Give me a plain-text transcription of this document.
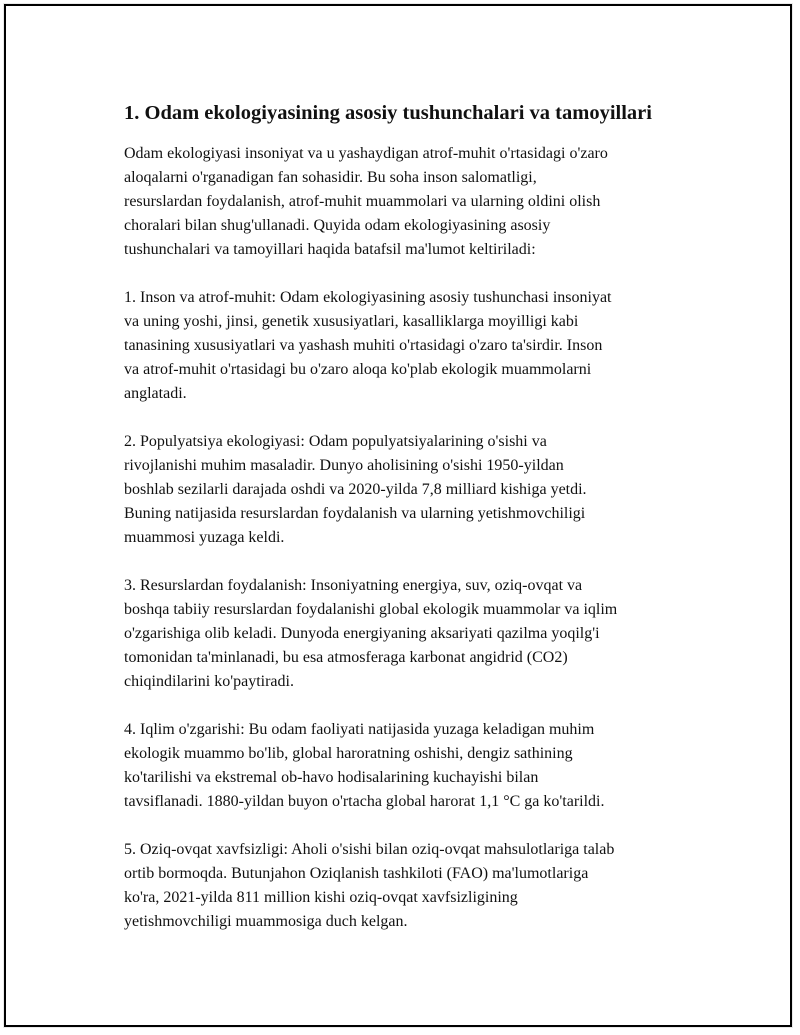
1. Odam ekologiyasining asosiy tushunchalari va tamoyillari

Odam ekologiyasi insoniyat va u yashaydigan atrof-muhit o'rtasidagi o'zaro
aloqalarni o'rganadigan fan sohasidir. Bu soha inson salomatligi,
resurslardan foydalanish, atrof-muhit muammolari va ularning oldini olish
choralari bilan shug'ullanadi. Quyida odam ekologiyasining asosiy
tushunchalari va tamoyillari haqida batafsil ma'lumot keltiriladi:

1. Inson va atrof-muhit: Odam ekologiyasining asosiy tushunchasi insoniyat
va uning yoshi, jinsi, genetik xususiyatlari, kasalliklarga moyilligi kabi
tanasining xususiyatlari va yashash muhiti o'rtasidagi o'zaro ta'sirdir. Inson
va atrof-muhit o'rtasidagi bu o'zaro aloqa ko'plab ekologik muammolarni
anglatadi.

2. Populyatsiya ekologiyasi: Odam populyatsiyalarining o'sishi va
rivojlanishi muhim masaladir. Dunyo aholisining o'sishi 1950-yildan
boshlab sezilarli darajada oshdi va 2020-yilda 7,8 milliard kishiga yetdi.
Buning natijasida resurslardan foydalanish va ularning yetishmovchiligi
muammosi yuzaga keldi.

3. Resurslardan foydalanish: Insoniyatning energiya, suv, oziq-ovqat va
boshqa tabiiy resurslardan foydalanishi global ekologik muammolar va iqlim
o'zgarishiga olib keladi. Dunyoda energiyaning aksariyati qazilma yoqilg'i
tomonidan ta'minlanadi, bu esa atmosferaga karbonat angidrid (CO2)
chiqindilarini ko'paytiradi.

4. Iqlim o'zgarishi: Bu odam faoliyati natijasida yuzaga keladigan muhim
ekologik muammo bo'lib, global haroratning oshishi, dengiz sathining
ko'tarilishi va ekstremal ob-havo hodisalarining kuchayishi bilan
tavsiflanadi. 1880-yildan buyon o'rtacha global harorat 1,1 °C ga ko'tarildi.

5. Oziq-ovqat xavfsizligi: Aholi o'sishi bilan oziq-ovqat mahsulotlariga talab
ortib bormoqda. Butunjahon Oziqlanish tashkiloti (FAO) ma'lumotlariga
ko'ra, 2021-yilda 811 million kishi oziq-ovqat xavfsizligining
yetishmovchiligi muammosiga duch kelgan.
